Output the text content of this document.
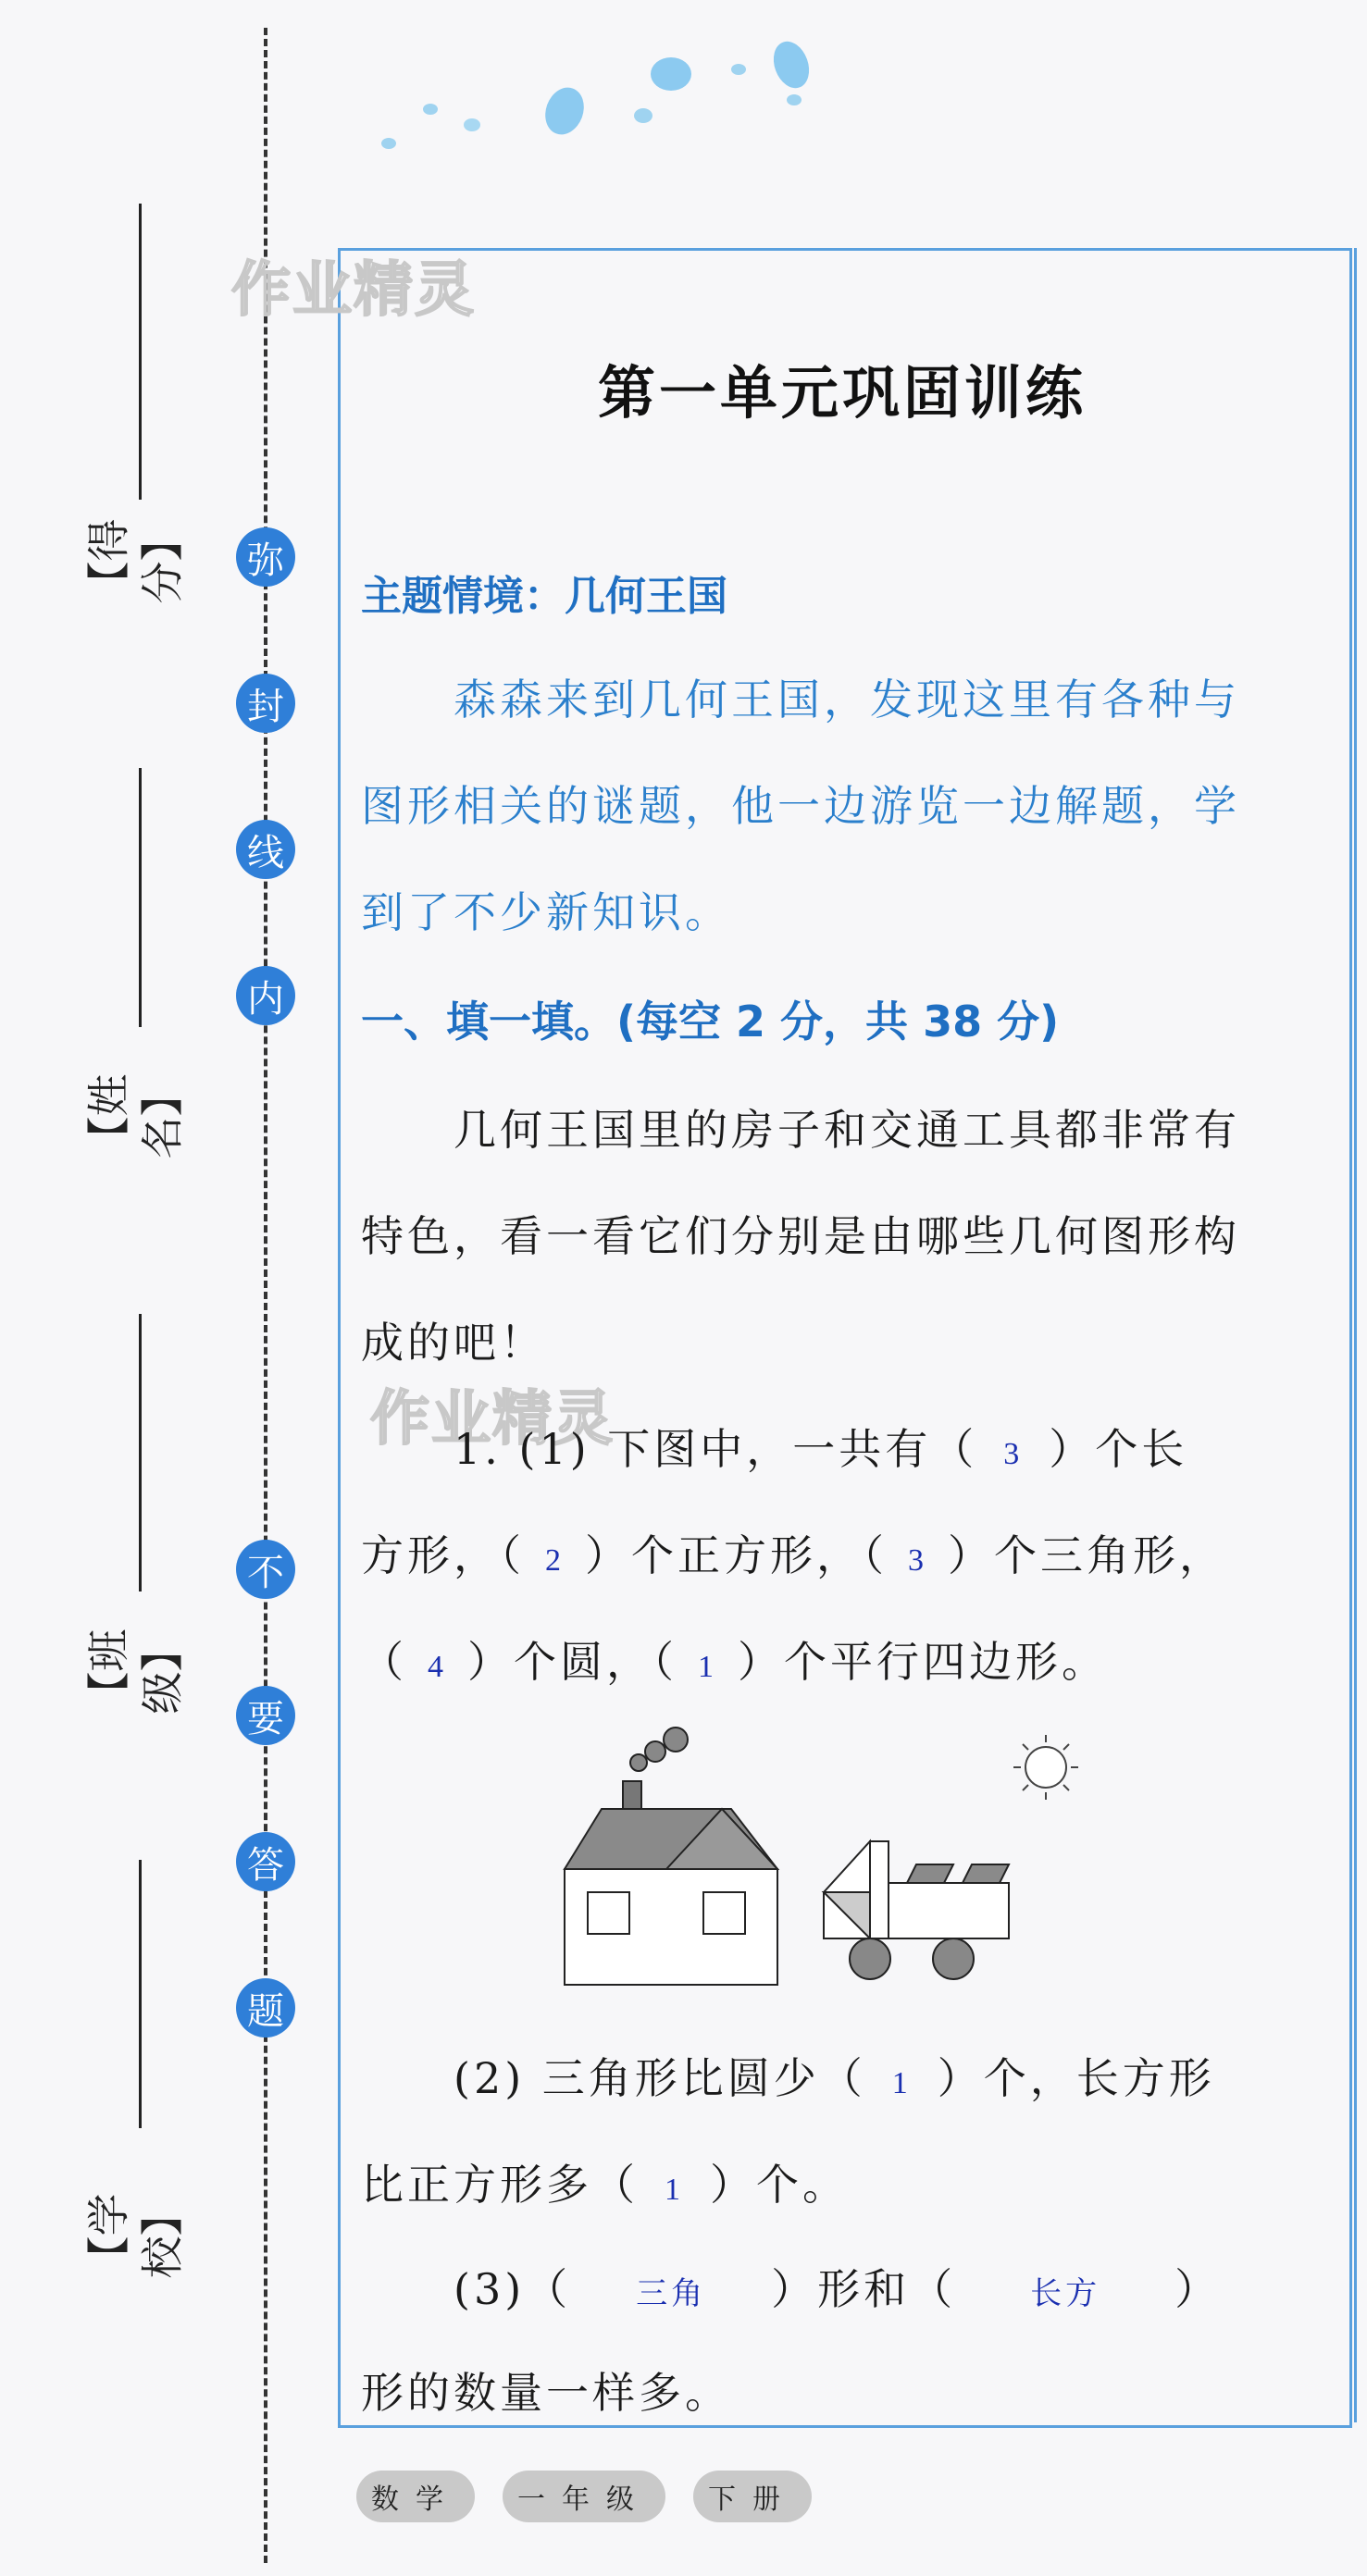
【得分】
【姓名】
【班级】
【学校】
弥
封
线
内
不
要
答
题
作业精灵
作业精灵
第一单元巩固训练
主题情境：几何王国
森森来到几何王国，发现这里有各种与
图形相关的谜题，他一边游览一边解题，学
到了不少新知识。
一、填一填。(每空 2 分，共 38 分)
几何王国里的房子和交通工具都非常有
特色，看一看它们分别是由哪些几何图形构
成的吧！
1. (1) 下图中，一共有（ 3 ）个长
方形，（ 2 ）个正方形，（ 3 ）个三角形，
（ 4 ）个圆，（ 1 ）个平行四边形。
(2) 三角形比圆少（ 1 ）个，长方形
比正方形多（ 1 ）个。
(3)（ 三角 ）形和（ 长方 ）
形的数量一样多。
数学 一年级 下册
